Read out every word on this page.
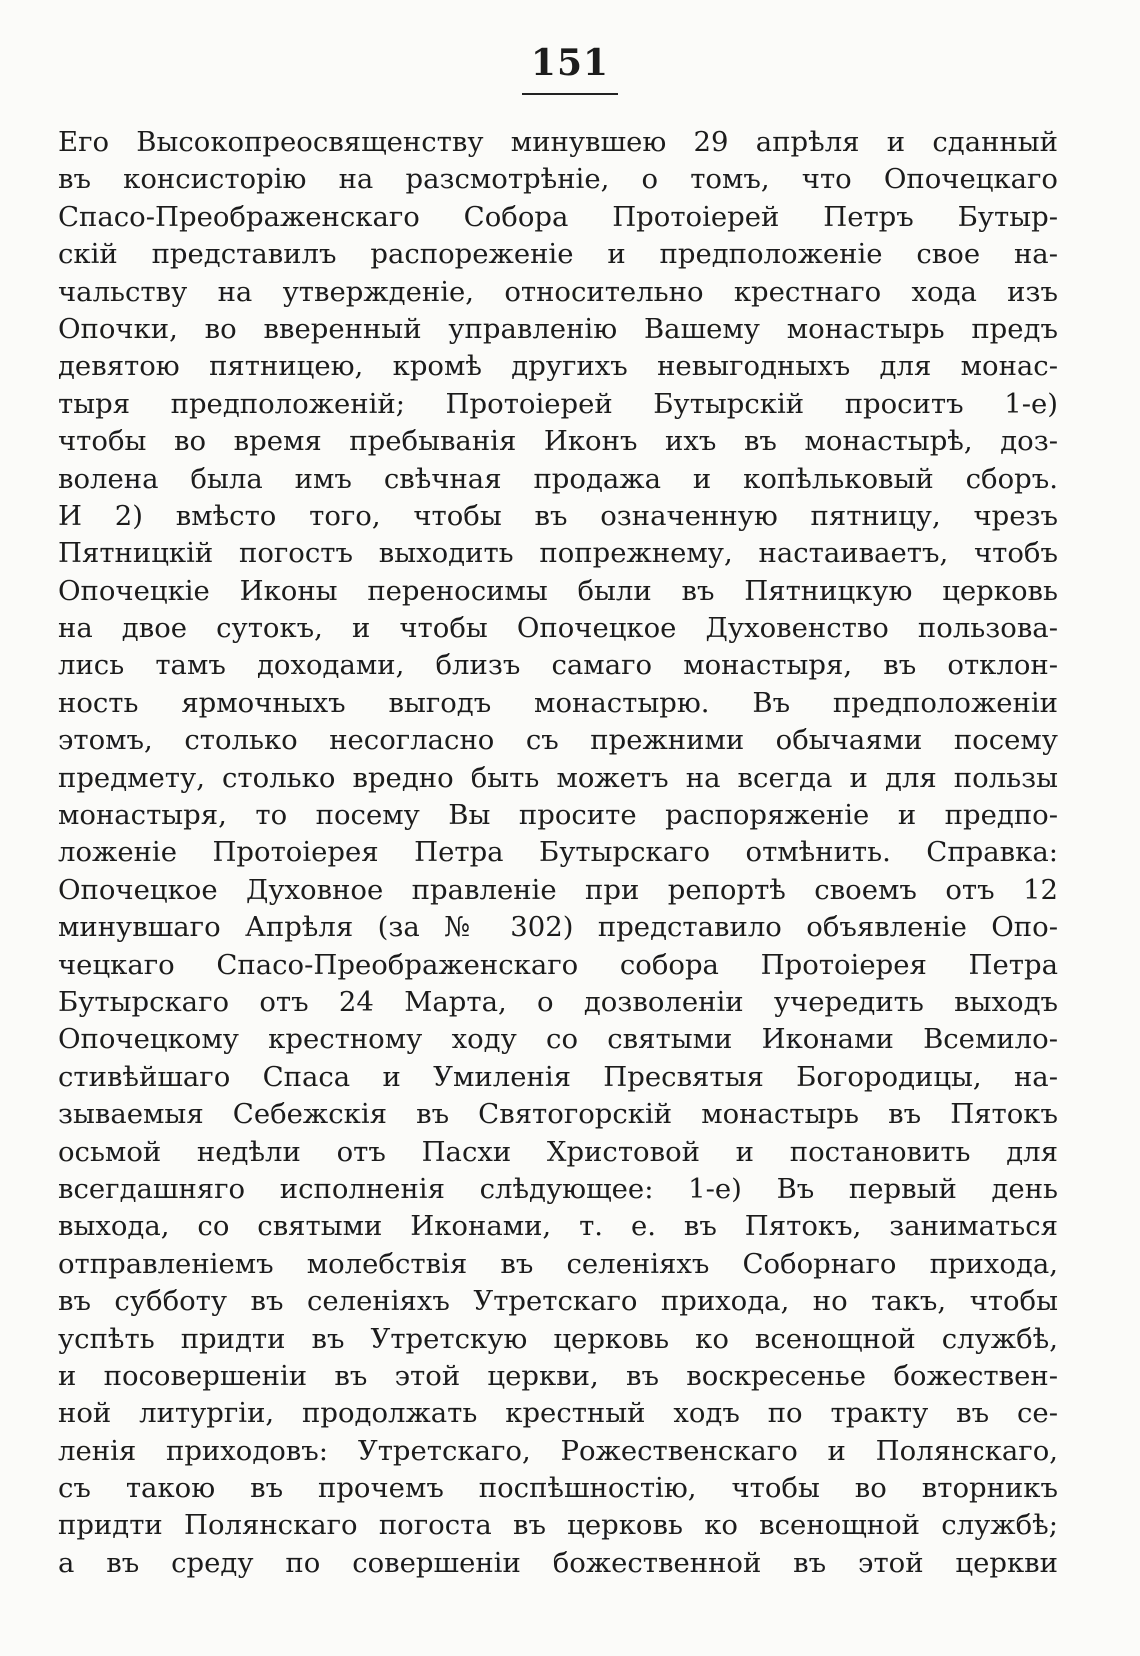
151
Его Высокопреосвященству минувшею 29 апрѣля и сданный
въ консисторію на разсмотрѣніе, о томъ, что Опочецкаго
Спасо-Преображенскаго Собора Протоіерей Петръ Бутыр-
скій представилъ распореженіе и предположеніе свое на-
чальству на утвержденіе, относительно крестнаго хода изъ
Опочки, во вверенный управленію Вашему монастырь предъ
девятою пятницею, кромѣ другихъ невыгодныхъ для монас-
тыря предположеній; Протоіерей Бутырскій проситъ 1-е)
чтобы во время пребыванія Иконъ ихъ въ монастырѣ, доз-
волена была имъ свѣчная продажа и копѣльковый сборъ.
И 2) вмѣсто того, чтобы въ означенную пятницу, чрезъ
Пятницкій погостъ выходить попрежнему, настаиваетъ, чтобъ
Опочецкіе Иконы переносимы были въ Пятницкую церковь
на двое сутокъ, и чтобы Опочецкое Духовенство пользова-
лись тамъ доходами, близъ самаго монастыря, въ отклон-
ность ярмочныхъ выгодъ монастырю. Въ предположеніи
этомъ, столько несогласно съ прежними обычаями посему
предмету, столько вредно быть можетъ на всегда и для пользы
монастыря, то посему Вы просите распоряженіе и предпо-
ложеніе Протоіерея Петра Бутырскаго отмѣнить. Справка:
Опочецкое Духовное правленіе при репортѣ своемъ отъ 12
минувшаго Апрѣля (за № 302) представило объявленіе Опо-
чецкаго Спасо-Преображенскаго собора Протоіерея Петра
Бутырскаго отъ 24 Марта, о дозволеніи учередить выходъ
Опочецкому крестному ходу со святыми Иконами Всемило-
стивѣйшаго Спаса и Умиленія Пресвятыя Богородицы, на-
зываемыя Себежскія въ Святогорскій монастырь въ Пятокъ
осьмой недѣли отъ Пасхи Христовой и постановить для
всегдашняго исполненія слѣдующее: 1-е) Въ первый день
выхода, со святыми Иконами, т. е. въ Пятокъ, заниматься
отправленіемъ молебствія въ селеніяхъ Соборнаго прихода,
въ субботу въ селеніяхъ Утретскаго прихода, но такъ, чтобы
успѣть придти въ Утретскую церковь ко всенощной службѣ,
и посовершеніи въ этой церкви, въ воскресенье божествен-
ной литургіи, продолжать крестный ходъ по тракту въ се-
ленія приходовъ: Утретскаго, Рожественскаго и Полянскаго,
съ такою въ прочемъ поспѣшностію, чтобы во вторникъ
придти Полянскаго погоста въ церковь ко всенощной службѣ;
а въ среду по совершеніи божественной въ этой церкви
